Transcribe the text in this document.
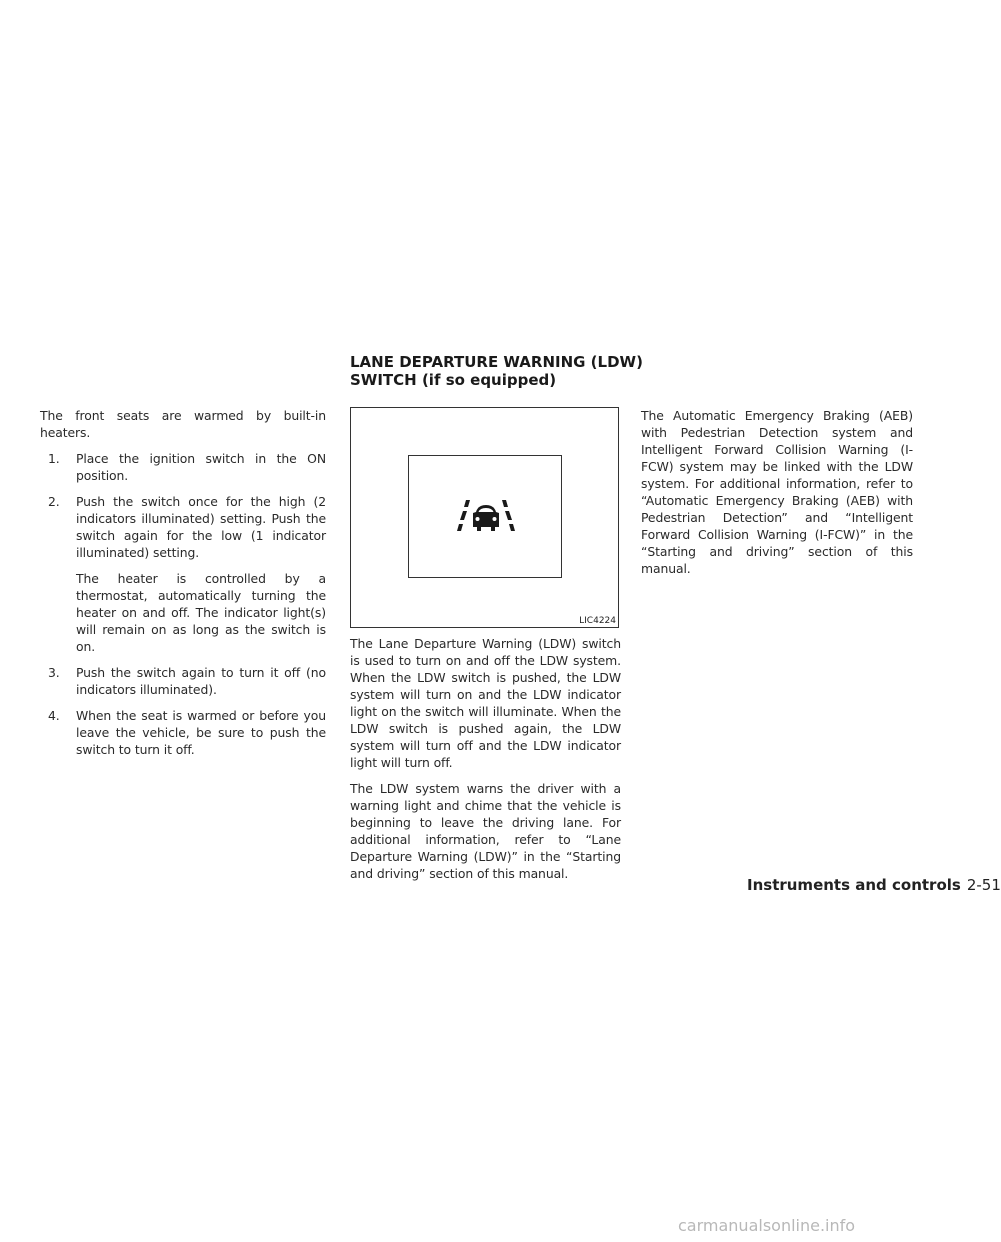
The front seats are warmed by built-in heaters.

1. Place the ignition switch in the ON position.
2. Push the switch once for the high (2 indicators illuminated) setting. Push the switch again for the low (1 indicator illuminated) setting.
The heater is controlled by a thermostat, automatically turning the heater on and off. The indicator light(s) will remain on as long as the switch is on.
3. Push the switch again to turn it off (no indicators illuminated).
4. When the seat is warmed or before you leave the vehicle, be sure to push the switch to turn it off.
LANE DEPARTURE WARNING (LDW)
SWITCH (if so equipped)
LIC4224

The Lane Departure Warning (LDW) switch is used to turn on and off the LDW system. When the LDW switch is pushed, the LDW system will turn on and the LDW indicator light on the switch will illuminate. When the LDW switch is pushed again, the LDW system will turn off and the LDW indicator light will turn off.

The LDW system warns the driver with a warning light and chime that the vehicle is beginning to leave the driving lane. For additional information, refer to “Lane Departure Warning (LDW)” in the “Starting and driving” section of this manual.

The Automatic Emergency Braking (AEB) with Pedestrian Detection system and Intelligent Forward Collision Warning (I-FCW) system may be linked with the LDW system. For additional information, refer to “Automatic Emergency Braking (AEB) with Pedestrian Detection” and “Intelligent Forward Collision Warning (I-FCW)” in the “Starting and driving” section of this manual.

Instruments and controls 2-51
carmanualsonline.info
